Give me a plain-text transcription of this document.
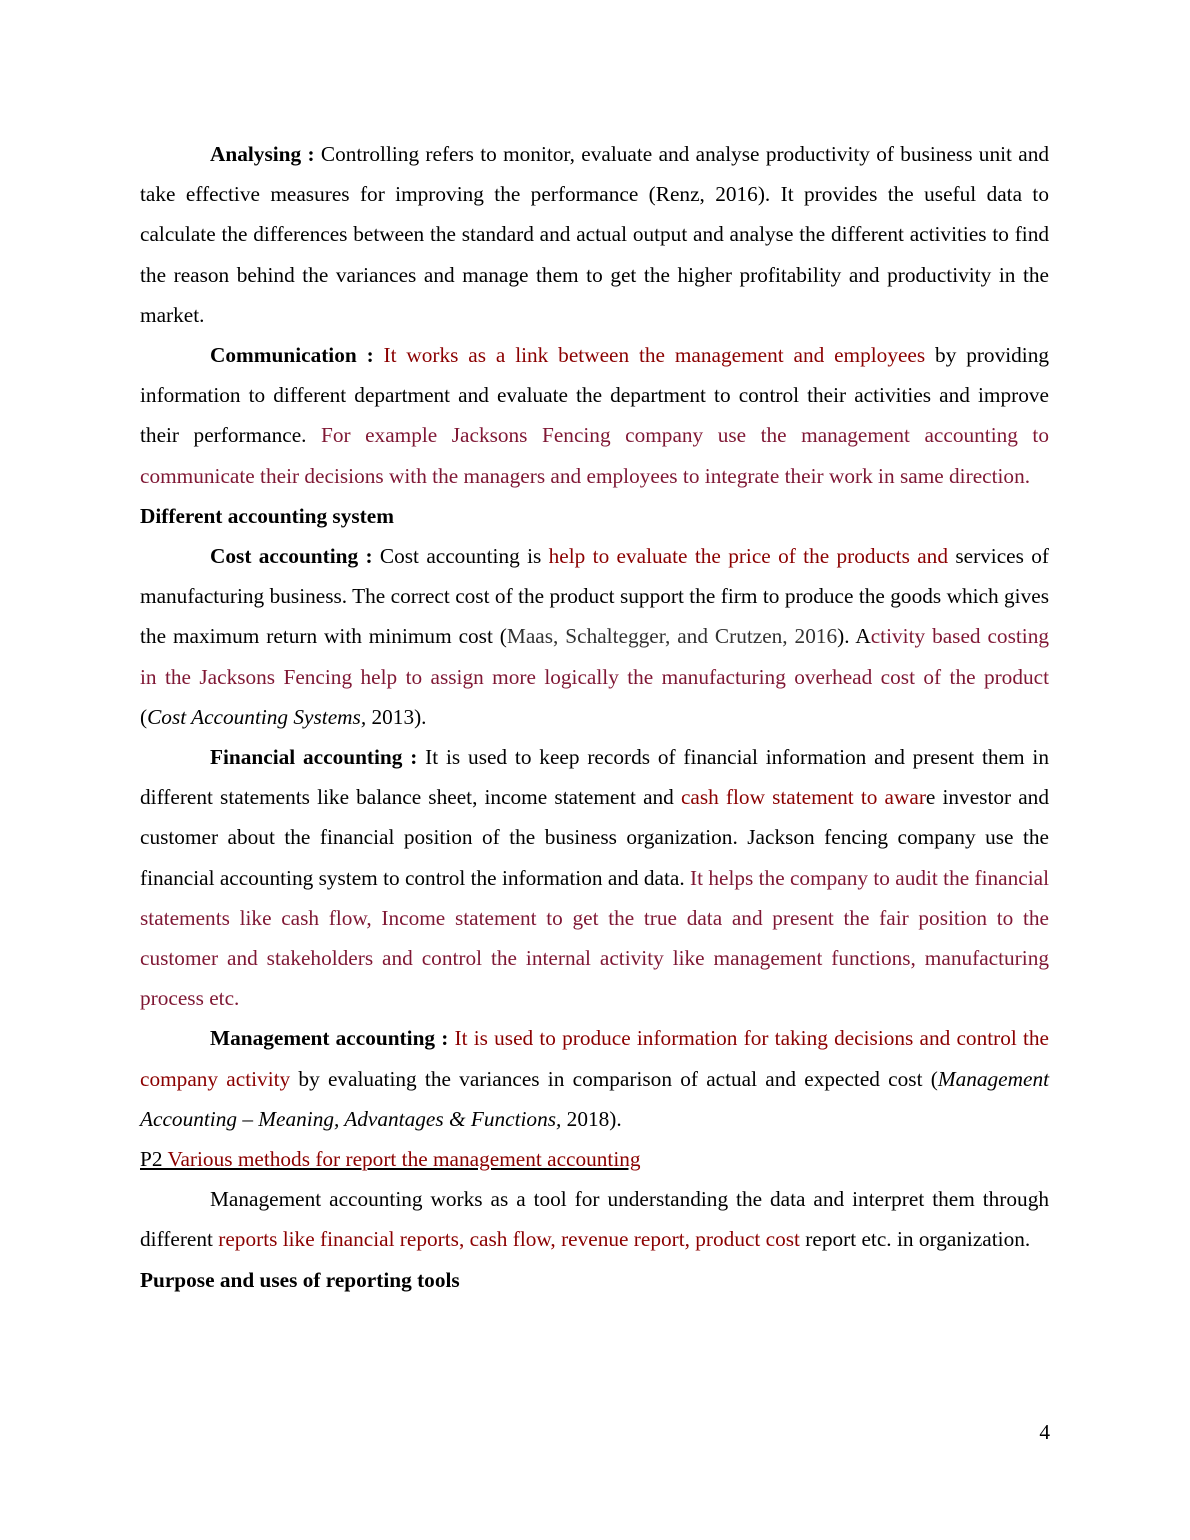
Analysing : Controlling refers to monitor, evaluate and analyse productivity of business unit and take effective measures for improving the performance (Renz, 2016). It provides the useful data to calculate the differences between the standard and actual output and analyse the different activities to find the reason behind the variances and manage them to get the higher profitability and productivity in the market.

Communication : It works as a link between the management and employees by providing information to different department and evaluate the department to control their activities and improve their performance. For example Jacksons Fencing company use the management accounting to communicate their decisions with the managers and employees to integrate their work in same direction.

Different accounting system

Cost accounting : Cost accounting is help to evaluate the price of the products and services of manufacturing business. The correct cost of the product support the firm to produce the goods which gives the maximum return with minimum cost (Maas, Schaltegger, and Crutzen, 2016). Activity based costing in the Jacksons Fencing help to assign more logically the manufacturing overhead cost of the product (Cost Accounting Systems, 2013).

Financial accounting : It is used to keep records of financial information and present them in different statements like balance sheet, income statement and cash flow statement to aware investor and customer about the financial position of the business organization. Jackson fencing company use the financial accounting system to control the information and data. It helps the company to audit the financial statements like cash flow, Income statement to get the true data and present the fair position to the customer and stakeholders and control the internal activity like management functions, manufacturing process etc.

Management accounting : It is used to produce information for taking decisions and control the company activity by evaluating the variances in comparison of actual and expected cost (Management Accounting – Meaning, Advantages & Functions, 2018).

P2 Various methods for report the management accounting

Management accounting works as a tool for understanding the data and interpret them through different reports like financial reports, cash flow, revenue report, product cost report etc. in organization.

Purpose and uses of reporting tools

4
